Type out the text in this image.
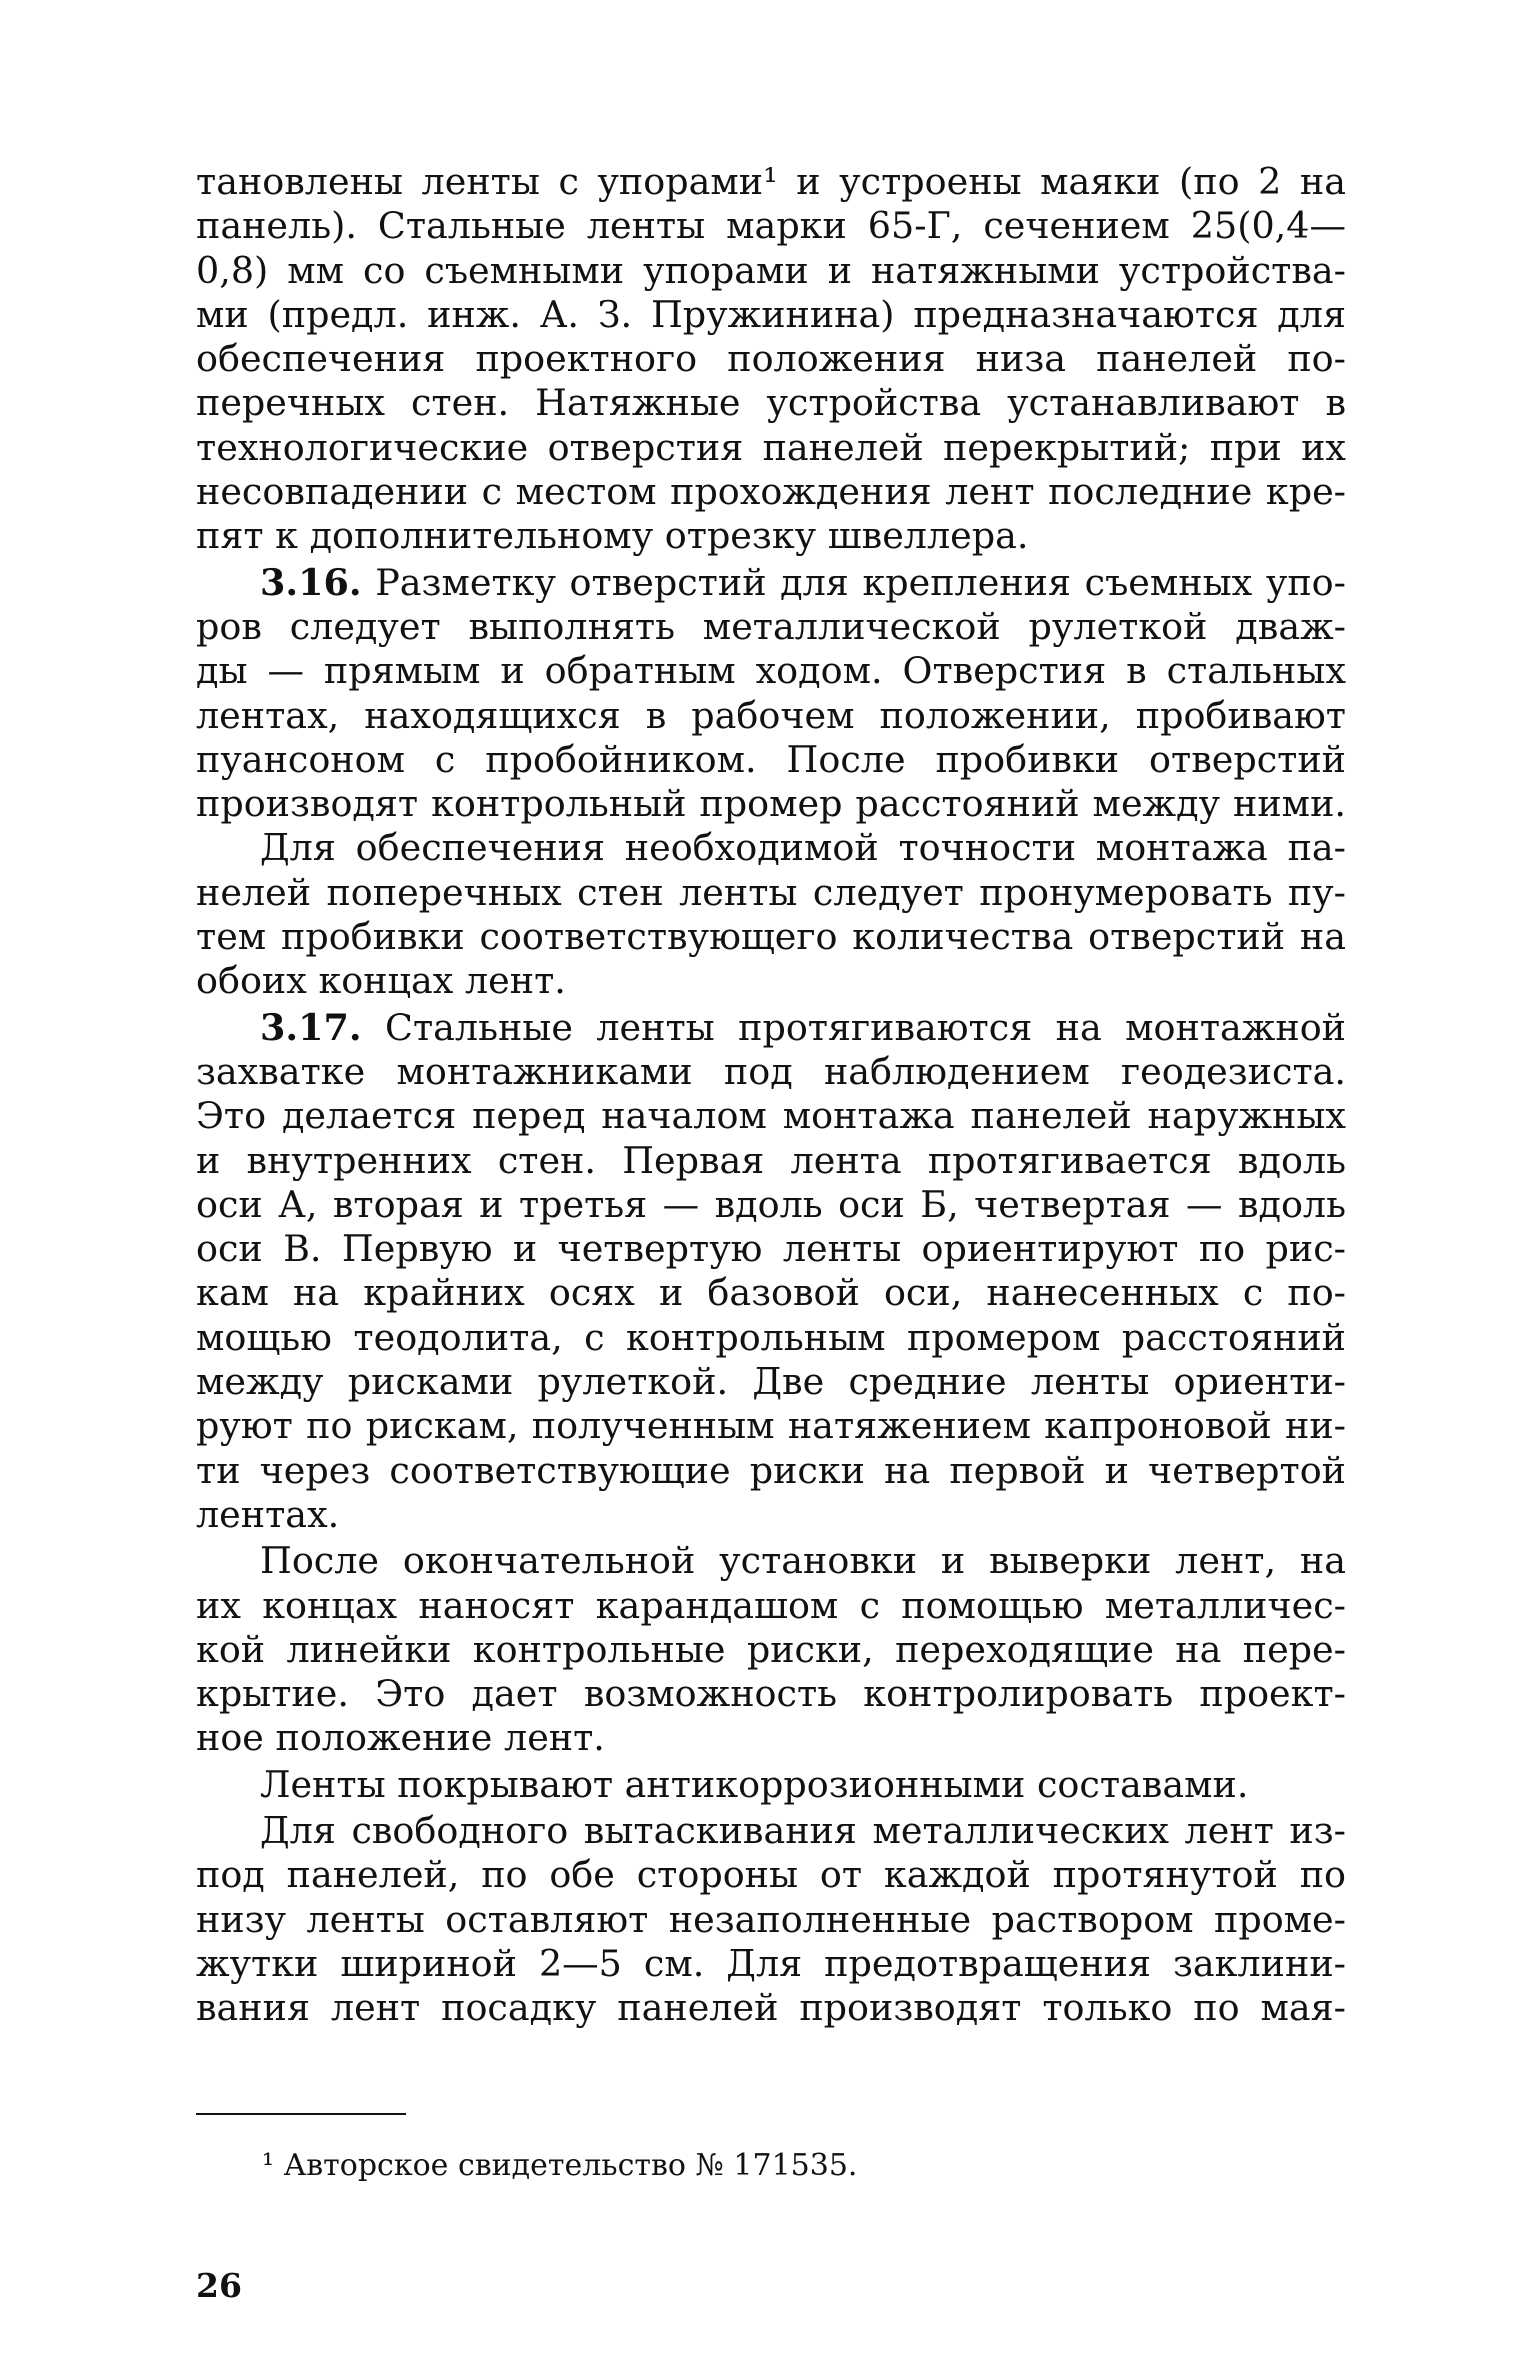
тановлены ленты с упорами¹ и устроены маяки (по 2 на
панель). Стальные ленты марки 65-Г, сечением 25(0,4—
0,8) мм со съемными упорами и натяжными устройства-
ми (предл. инж. А. З. Пружинина) предназначаются для
обеспечения проектного положения низа панелей по-
перечных стен. Натяжные устройства устанавливают в
технологические отверстия панелей перекрытий; при их
несовпадении с местом прохождения лент последние кре-
пят к дополнительному отрезку швеллера.
3.16. Разметку отверстий для крепления съемных упо-
ров следует выполнять металлической рулеткой дваж-
ды — прямым и обратным ходом. Отверстия в стальных
лентах, находящихся в рабочем положении, пробивают
пуансоном с пробойником. После пробивки отверстий
производят контрольный промер расстояний между ними.
Для обеспечения необходимой точности монтажа па-
нелей поперечных стен ленты следует пронумеровать пу-
тем пробивки соответствующего количества отверстий на
обоих концах лент.
3.17. Стальные ленты протягиваются на монтажной
захватке монтажниками под наблюдением геодезиста.
Это делается перед началом монтажа панелей наружных
и внутренних стен. Первая лента протягивается вдоль
оси А, вторая и третья — вдоль оси Б, четвертая — вдоль
оси В. Первую и четвертую ленты ориентируют по рис-
кам на крайних осях и базовой оси, нанесенных с по-
мощью теодолита, с контрольным промером расстояний
между рисками рулеткой. Две средние ленты ориенти-
руют по рискам, полученным натяжением капроновой ни-
ти через соответствующие риски на первой и четвертой
лентах.
После окончательной установки и выверки лент, на
их концах наносят карандашом с помощью металличес-
кой линейки контрольные риски, переходящие на пере-
крытие. Это дает возможность контролировать проект-
ное положение лент.
Ленты покрывают антикоррозионными составами.
Для свободного вытаскивания металлических лент из-
под панелей, по обе стороны от каждой протянутой по
низу ленты оставляют незаполненные раствором проме-
жутки шириной 2—5 см. Для предотвращения заклини-
вания лент посадку панелей производят только по мая-
¹ Авторское свидетельство № 171535.
26
